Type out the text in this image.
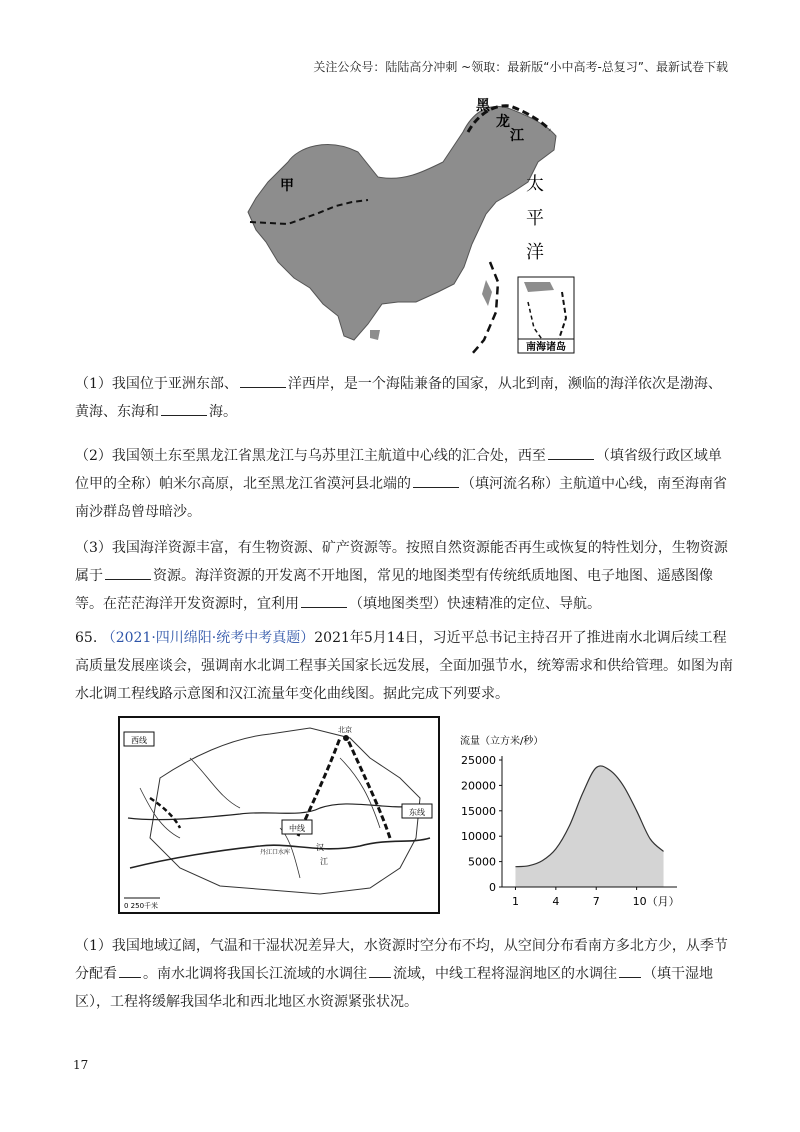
关注公众号：陆陆高分冲刺 ~领取：最新版“小中高考-总复习”、最新试卷下载
南海诸岛
甲
黑
龙
江
太
平
洋

（1）我国位于亚洲东部、	洋西岸，是一个海陆兼备的国家，从北到南，濒临的海洋依次是渤海、黄海、东海和	海。

（2）我国领土东至黑龙江省黑龙江与乌苏里江主航道中心线的汇合处，西至	（填省级行政区域单位甲的全称）帕米尔高原，北至黑龙江省漠河县北端的	（填河流名称）主航道中心线，南至海南省南沙群岛曾母暗沙。

（3）我国海洋资源丰富，有生物资源、矿产资源等。按照自然资源能否再生或恢复的特性划分，生物资源属于	资源。海洋资源的开发离不开地图，常见的地图类型有传统纸质地图、电子地图、遥感图像等。在茫茫海洋开发资源时，宜利用	（填地图类型）快速精准的定位、导航。

65. （2021·四川绵阳·统考中考真题）2021年5月14日，习近平总书记主持召开了推进南水北调后续工程高质量发展座谈会，强调南水北调工程事关国家长远发展，全面加强节水，统筹需求和供给管理。如图为南水北调工程线路示意图和汉江流量年变化曲线图。据此完成下列要求。

西线
中线
东线
北京
丹江口水库
汉
江
0 250千米
流量（立方米/秒）
0
5000
10000
15000
20000
25000
1	4	7	10（月）

（1）我国地域辽阔，气温和干湿状况差异大，水资源时空分布不均，从空间分布看南方多北方少，从季节分配看 。南水北调将我国长江流域的水调往 流域，中线工程将湿润地区的水调往 （填干湿地区），工程将缓解我国华北和西北地区水资源紧张状况。

17
